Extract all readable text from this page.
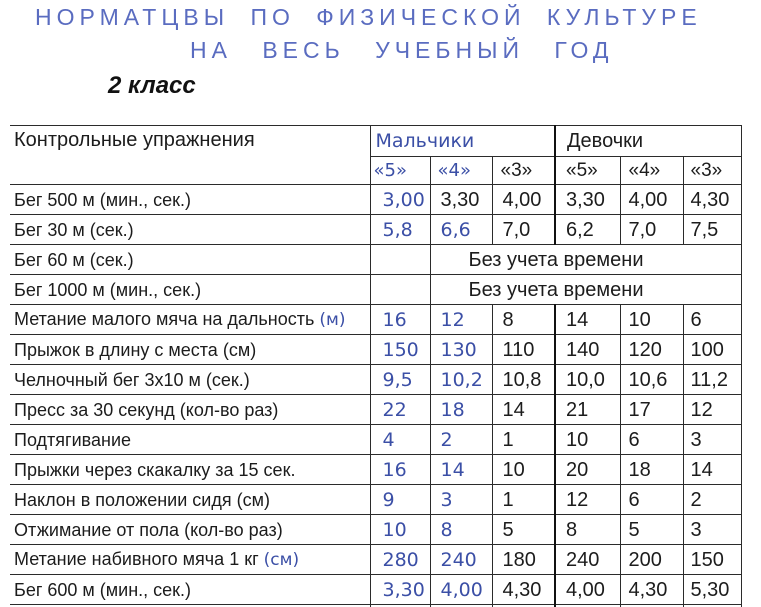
НОРМАТЦВЫ ПО ФИЗИЧЕСКОЙ КУЛЬТУРЕ
НА ВЕСЬ УЧЕБНЫЙ ГОД
2 класс
Контрольные упражнения	Мальчики			Девочки		
	«5»	«4»	«3»	«5»	«4»	«3»
Бег 500 м (мин., сек.)	3,00	3,30	4,00	3,30	4,00	4,30
Бег 30 м (сек.)	5,8	6,6	7,0	6,2	7,0	7,5
Бег 60 м (сек.)		Без учета времени				
Бег 1000 м (мин., сек.)		Без учета времени				
Метание малого мяча на дальность (м)	16	12	8	14	10	6
Прыжок в длину с места (см)	150	130	110	140	120	100
Челночный бег 3х10 м (сек.)	9,5	10,2	10,8	10,0	10,6	11,2
Пресс за 30 секунд (кол-во раз)	22	18	14	21	17	12
Подтягивание	4	2	1	10	6	3
Прыжки через скакалку за 15 сек.	16	14	10	20	18	14
Наклон в положении сидя (см)	9	3	1	12	6	2
Отжимание от пола (кол-во раз)	10	8	5	8	5	3
Метание набивного мяча 1 кг (см)	280	240	180	240	200	150
Бег 600 м (мин., сек.)	3,30	4,00	4,30	4,00	4,30	5,30
